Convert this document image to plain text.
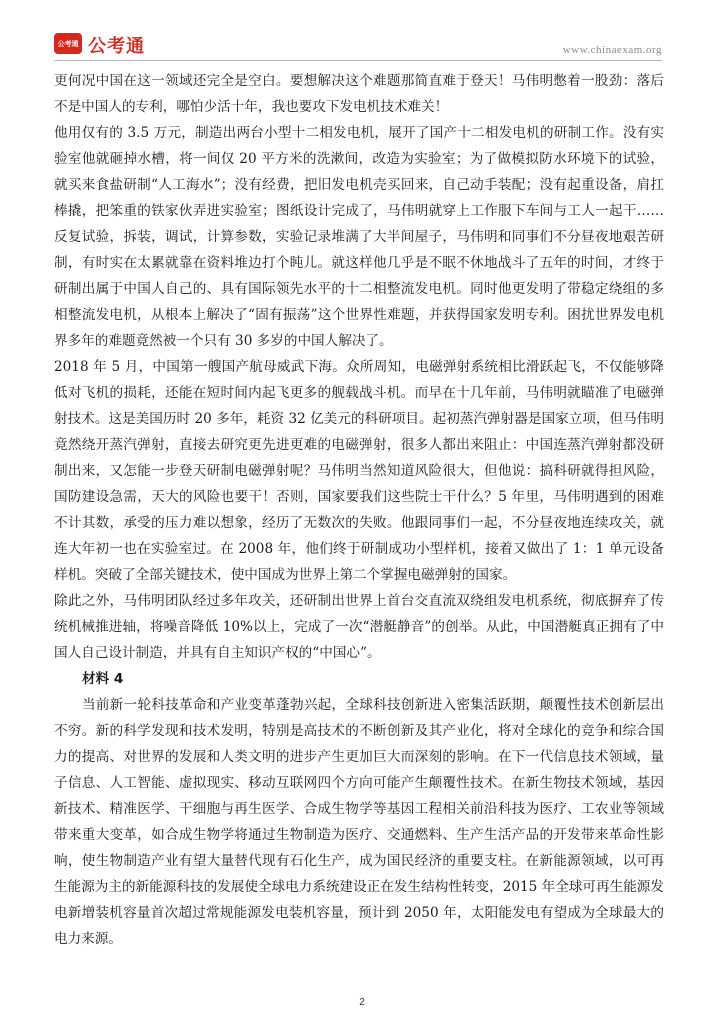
公考通 公考通	www.chinaexam.org

更何况中国在这一领域还完全是空白。要想解决这个难题那简直难于登天！马伟明憋着一股劲：落后不是中国人的专利，哪怕少活十年，我也要攻下发电机技术难关！

他用仅有的 3.5 万元，制造出两台小型十二相发电机，展开了国产十二相发电机的研制工作。没有实验室他就砸掉水槽，将一间仅 20 平方米的洗漱间，改造为实验室；为了做模拟防水环境下的试验，就买来食盐研制“人工海水”；没有经费，把旧发电机壳买回来，自己动手装配；没有起重设备，肩扛棒撬，把笨重的铁家伙弄进实验室；图纸设计完成了，马伟明就穿上工作服下车间与工人一起干……反复试验，拆装，调试，计算参数，实验记录堆满了大半间屋子，马伟明和同事们不分昼夜地艰苦研制，有时实在太累就靠在资料堆边打个盹儿。就这样他几乎是不眠不休地战斗了五年的时间，才终于研制出属于中国人自己的、具有国际领先水平的十二相整流发电机。同时他更发明了带稳定绕组的多相整流发电机，从根本上解决了“固有振荡”这个世界性难题，并获得国家发明专利。困扰世界发电机界多年的难题竟然被一个只有 30 多岁的中国人解决了。

2018 年 5 月，中国第一艘国产航母威武下海。众所周知，电磁弹射系统相比滑跃起飞，不仅能够降低对飞机的损耗，还能在短时间内起飞更多的舰载战斗机。而早在十几年前，马伟明就瞄准了电磁弹射技术。这是美国历时 20 多年，耗资 32 亿美元的科研项目。起初蒸汽弹射器是国家立项，但马伟明竟然绕开蒸汽弹射，直接去研究更先进更难的电磁弹射，很多人都出来阻止：中国连蒸汽弹射都没研制出来，又怎能一步登天研制电磁弹射呢？马伟明当然知道风险很大，但他说：搞科研就得担风险，国防建设急需，天大的风险也要干！否则，国家要我们这些院士干什么？5 年里，马伟明遇到的困难不计其数，承受的压力难以想象，经历了无数次的失败。他跟同事们一起，不分昼夜地连续攻关，就连大年初一也在实验室过。在 2008 年，他们终于研制成功小型样机，接着又做出了 1：1 单元设备样机。突破了全部关键技术，使中国成为世界上第二个掌握电磁弹射的国家。

除此之外，马伟明团队经过多年攻关，还研制出世界上首台交直流双绕组发电机系统，彻底摒弃了传统机械推进轴，将噪音降低 10%以上，完成了一次“潜艇静音”的创举。从此，中国潜艇真正拥有了中国人自己设计制造，并具有自主知识产权的“中国心”。

材料 4

当前新一轮科技革命和产业变革蓬勃兴起，全球科技创新进入密集活跃期，颠覆性技术创新层出不穷。新的科学发现和技术发明，特别是高技术的不断创新及其产业化，将对全球化的竞争和综合国力的提高、对世界的发展和人类文明的进步产生更加巨大而深刻的影响。在下一代信息技术领域，量子信息、人工智能、虚拟现实、移动互联网四个方向可能产生颠覆性技术。在新生物技术领域，基因新技术、精准医学、干细胞与再生医学、合成生物学等基因工程相关前沿科技为医疗、工农业等领域带来重大变革，如合成生物学将通过生物制造为医疗、交通燃料、生产生活产品的开发带来革命性影响，使生物制造产业有望大量替代现有石化生产，成为国民经济的重要支柱。在新能源领域，以可再生能源为主的新能源科技的发展使全球电力系统建设正在发生结构性转变，2015 年全球可再生能源发电新增装机容量首次超过常规能源发电装机容量，预计到 2050 年，太阳能发电有望成为全球最大的电力来源。

2
